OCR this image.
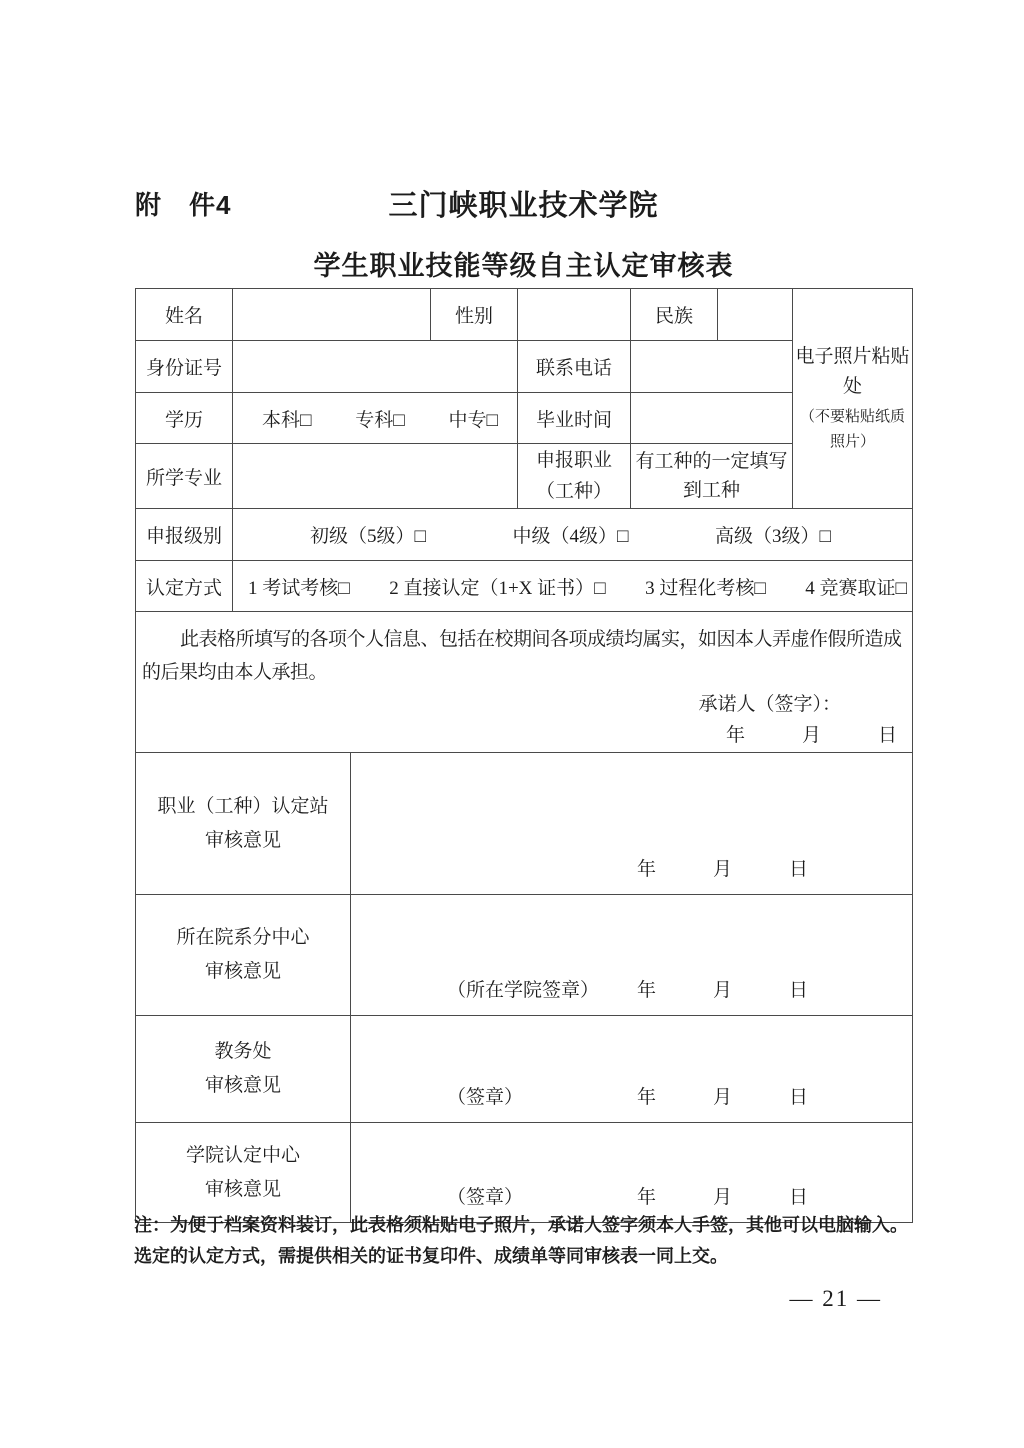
附　件4	三门峡职业技术学院
学生职业技能等级自主认定审核表
姓名		性别		民族		电子照片粘贴处
（不要粘贴纸质照片）

身份证号			联系电话			
学历	本科□ 专科□ 中专□		毕业时间			
所学专业			申报职业
（工种）	有工种的一定填写到工种		
申报级别	初级（5级）□ 中级（4级）□ 高级（3级）□					

认定方式	1 考试考核□ 2 直接认定（1+X 证书）□ 3 过程化考核□ 4 竞赛取证□					

此表格所填写的各项个人信息、包括在校期间各项成绩均属实，如因本人弄虚作假所造成的后果均由本人承担。
承诺人（签字）：
年　　　月　　　日						
职业（工种）认定站
审核意见	年　　　月　　　日

所在院系分中心
审核意见

（所在学院签章） 年　　　月　　　日

教务处
审核意见

（签章）	年　　　月　　　日

学院认定中心
审核意见	（签章）	年　　　月　　　日
注：为便于档案资料装订，此表格须粘贴电子照片，承诺人签字须本人手签，其他可以电脑输入。选定的认定方式，需提供相关的证书复印件、成绩单等同审核表一同上交。
— 21 —
